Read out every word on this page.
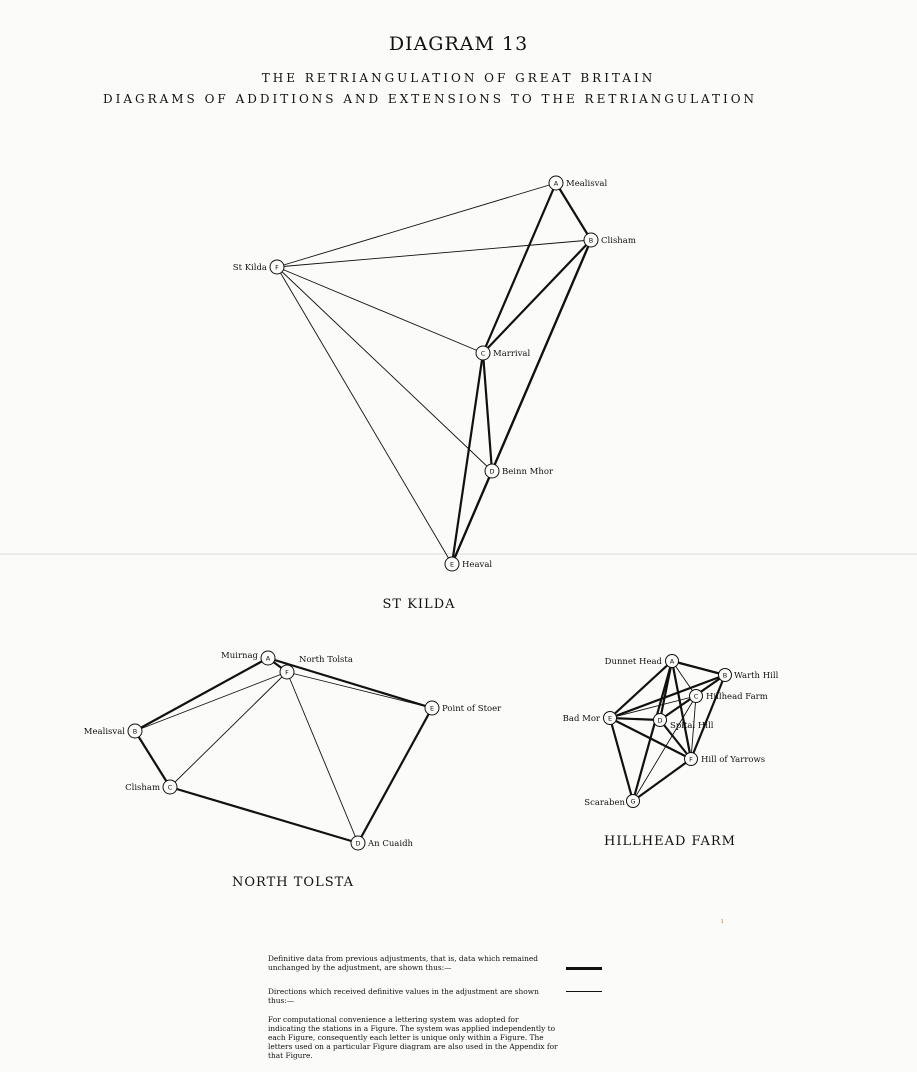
DIAGRAM 13
THE RETRIANGULATION OF GREAT BRITAIN
DIAGRAMS OF ADDITIONS AND EXTENSIONS TO THE RETRIANGULATION
A Mealisval
B Clisham
C Marrival
D Beinn Mhor
E Heaval
F
St Kilda
ST KILDA
A
Muirnag
F
North Tolsta
E Point of Stoer
B
Mealisval
C
Clisham
D An Cuaidh
NORTH TOLSTA
A
Dunnet Head
B Warth Hill
C Hillhead Farm
D
Spital Hill
E
Bad Mor
F Hill of Yarrows
G
Scaraben
HILLHEAD FARM
Definitive data from previous adjustments, that is, data which remained unchanged by the adjustment, are shown thus:—
Directions which received definitive values in the adjustment are shown thus:—
For computational convenience a lettering system was adopted for indicating the stations in a Figure. The system was applied independently to each Figure, consequently each letter is unique only within a Figure. The letters used on a particular Figure diagram are also used in the Appendix for that Figure.
ı
